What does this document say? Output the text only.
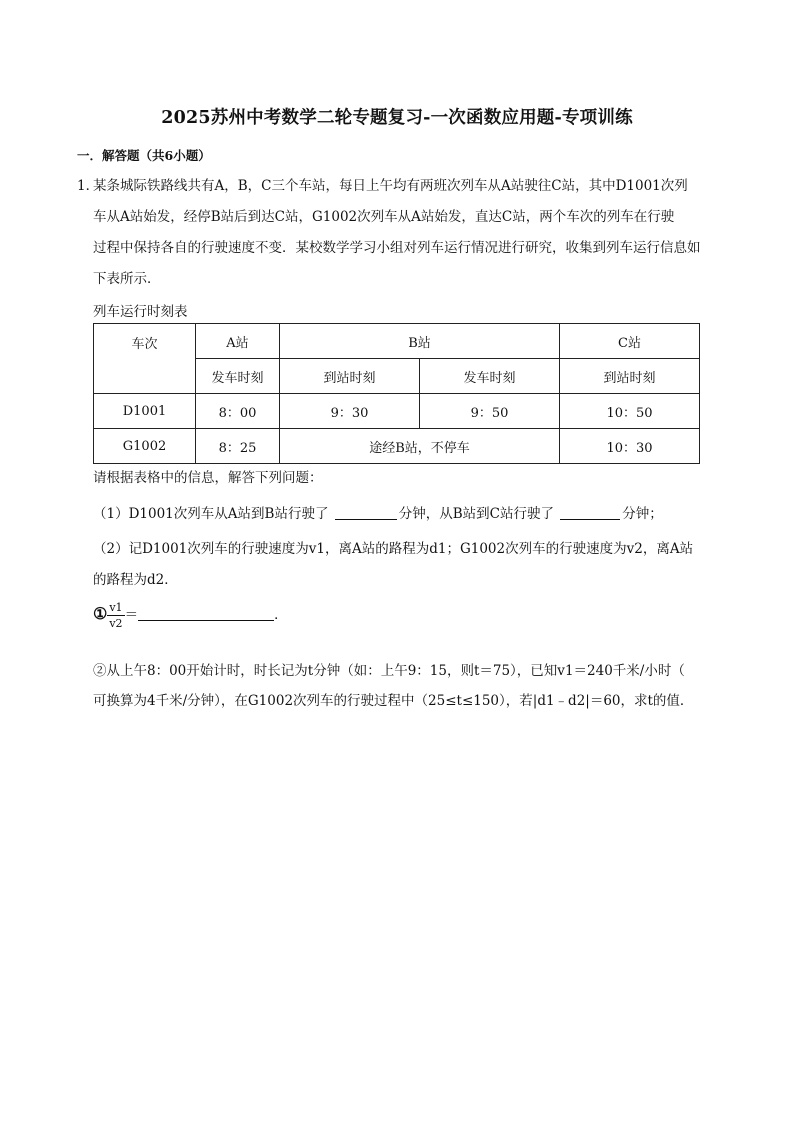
2025苏州中考数学二轮专题复习-一次函数应用题-专项训练
一．解答题（共6小题）
1．某条城际铁路线共有A，B，C三个车站，每日上午均有两班次列车从A站驶往C站，其中D1001次列
车从A站始发，经停B站后到达C站，G1002次列车从A站始发，直达C站，两个车次的列车在行驶
过程中保持各自的行驶速度不变．某校数学学习小组对列车运行情况进行研究，收集到列车运行信息如
下表所示．
列车运行时刻表
车次	A站	B站		C站
	发车时刻	到站时刻	发车时刻	到站时刻
D1001	8：00	9：30	9：50	10：50
G1002	8：25	途经B站，不停车		10：30
请根据表格中的信息，解答下列问题：
（1）D1001次列车从A站到B站行驶了	分钟，从B站到C站行驶了	分钟；
（2）记D1001次列车的行驶速度为v1，离A站的路程为d1；G1002次列车的行驶速度为v2，离A站
的路程为d2．
① $\frac{v1}{v2}$ ＝	．
②从上午8：00开始计时，时长记为t分钟（如：上午9：15，则t＝75），已知v1＝240千米/小时（
可换算为4千米/分钟），在G1002次列车的行驶过程中（25≤t≤150），若|d1﹣d2|＝60，求t的值．
